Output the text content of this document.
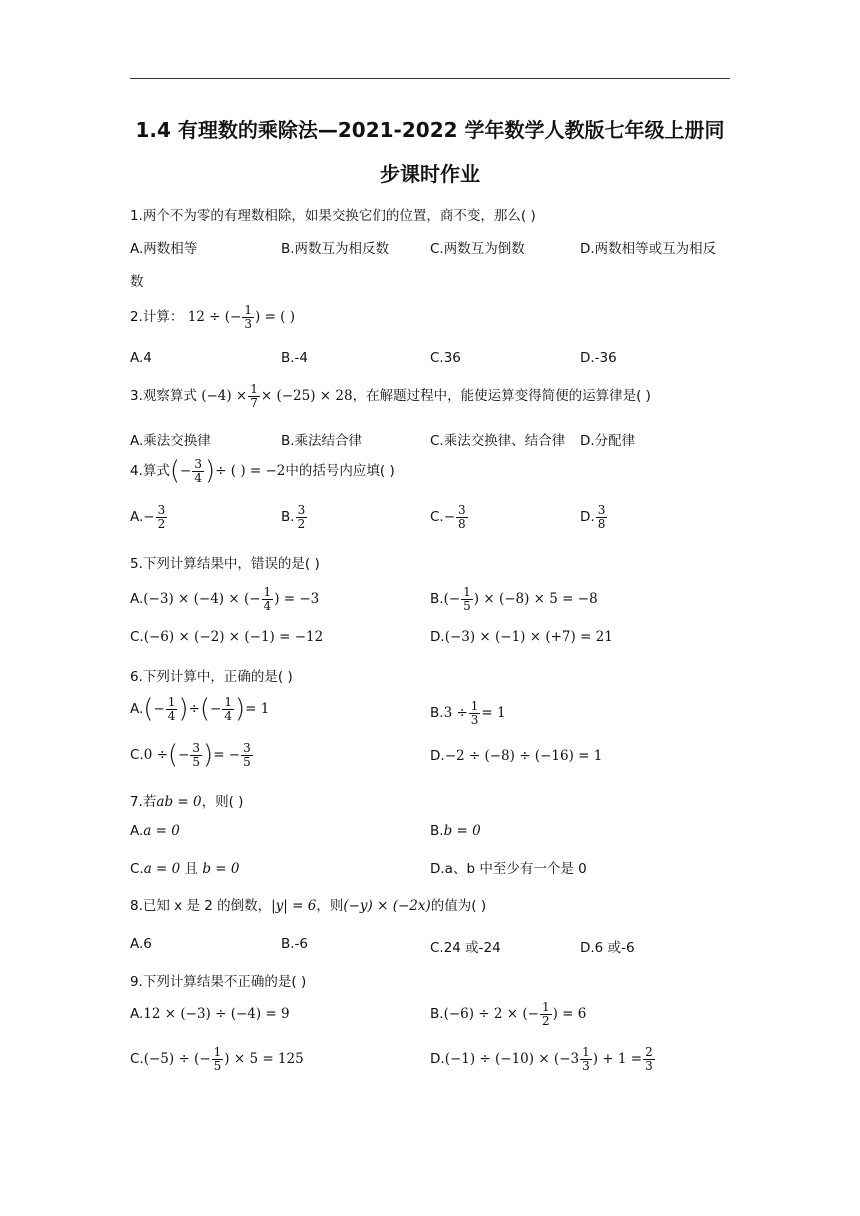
1.4 有理数的乘除法—2021-2022 学年数学人教版七年级上册同
步课时作业
1.两个不为零的有理数相除，如果交换它们的位置，商不变，那么( )
A.两数相等	B.两数互为相反数	C.两数互为倒数	D.两数相等或互为相反
数
2.计算： 12 ÷ (− $\frac{1}{3}$ ) = ( )
A.4	B.-4	C.36	D.-36
3.观察算式 $(-4) \times \frac{1}{7} \times (-25) \times 28$，在解题过程中，能使运算变得简便的运算律是( )
A.乘法交换律	B.乘法结合律	C.乘法交换律、结合律 D.分配律
4.算式(− $\frac{3}{4}$ )÷ ( ) = −2中的括号内应填( )
$A.- \frac{3}{2}$	B. $\frac{3}{2}$	$C.- \frac{3}{8}$	D. $\frac{3}{8}$
5.下列计算结果中，错误的是( )
A.(−3) × (−4) × (− $\frac{1}{4}$ ) = −3	$B.(- \frac{1}{5}$ ) × (−8) × 5 = −8
C.(−6) × (−2) × (−1) = −12	D.(−3) × (−1) × (+7) = 21
6.下列计算中，正确的是( )
$A.(- \frac{1}{4}$ )÷(− $\frac{1}{4}$ )= 1	$B.3 \div \frac{1}{3} = 1$
C.0 ÷(− $\frac{3}{5}$ )= − $\frac{3}{5}$	D.−2 ÷ (−8) ÷ (−16) = 1
7.若ab = 0，则( )
A.a = 0	B.b = 0
C.a = 0 且 b = 0	D.a、b 中至少有一个是 0
8.已知 x 是 2 的倒数，|y| = 6，则(−y) × (−2x)的值为( )
A.6	B.-6	C.24 或-24	D.6 或-6
9.下列计算结果不正确的是( )
A.12 × (−3) ÷ (−4) = 9	B.(−6) ÷ 2 × (− $\frac{1}{2}$ ) = 6
C.(−5) ÷ (− $\frac{1}{5}$ ) × 5 = 125	$D.(-1) \div (-10) \times (-3 \frac{1}{3}$ ) + $1 = \frac{2}{3}$
